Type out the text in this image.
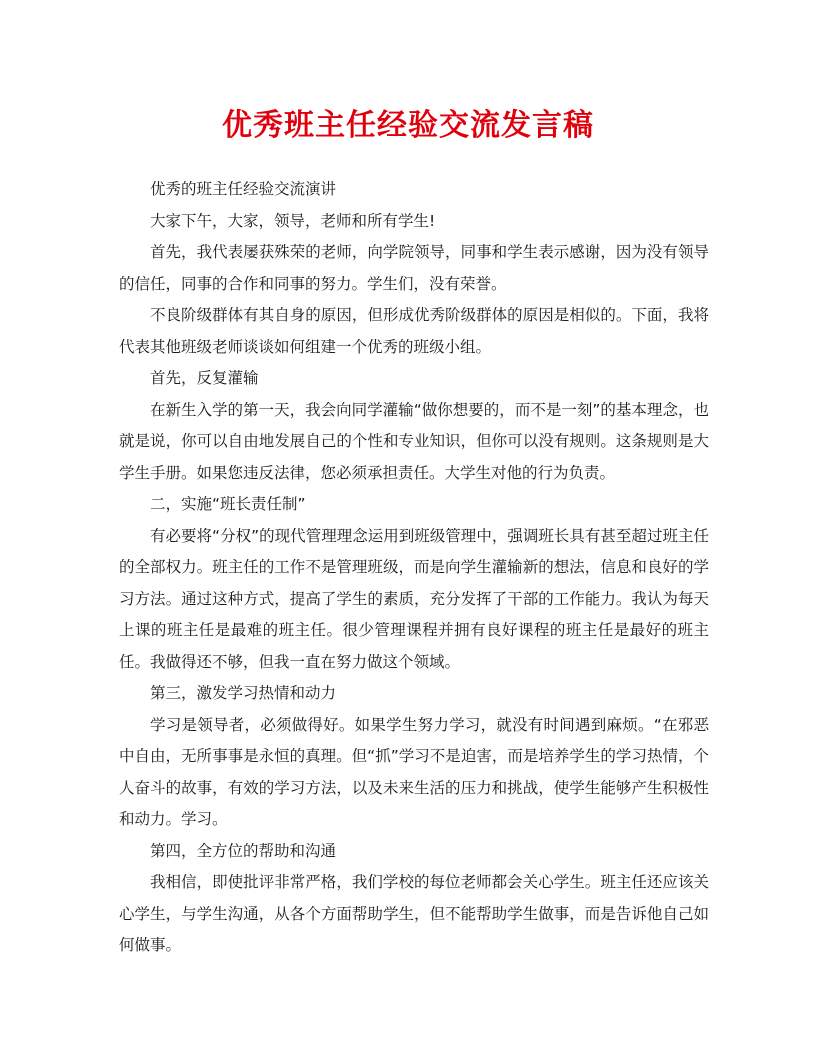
优秀班主任经验交流发言稿

优秀的班主任经验交流演讲

大家下午，大家，领导，老师和所有学生!

首先，我代表屡获殊荣的老师，向学院领导，同事和学生表示感谢，因为没有领导的信任，同事的合作和同事的努力。学生们，没有荣誉。

不良阶级群体有其自身的原因，但形成优秀阶级群体的原因是相似的。下面，我将代表其他班级老师谈谈如何组建一个优秀的班级小组。

首先，反复灌输

在新生入学的第一天，我会向同学灌输“做你想要的，而不是一刻”的基本理念，也就是说，你可以自由地发展自己的个性和专业知识，但你可以没有规则。这条规则是大学生手册。如果您违反法律，您必须承担责任。大学生对他的行为负责。

二，实施“班长责任制”

有必要将“分权”的现代管理理念运用到班级管理中，强调班长具有甚至超过班主任的全部权力。班主任的工作不是管理班级，而是向学生灌输新的想法，信息和良好的学习方法。通过这种方式，提高了学生的素质，充分发挥了干部的工作能力。我认为每天上课的班主任是最难的班主任。很少管理课程并拥有良好课程的班主任是最好的班主任。我做得还不够，但我一直在努力做这个领域。

第三，激发学习热情和动力

学习是领导者，必须做得好。如果学生努力学习，就没有时间遇到麻烦。“在邪恶中自由，无所事事是永恒的真理。但“抓”学习不是迫害，而是培养学生的学习热情，个人奋斗的故事，有效的学习方法，以及未来生活的压力和挑战，使学生能够产生积极性和动力。学习。

第四，全方位的帮助和沟通

我相信，即使批评非常严格，我们学校的每位老师都会关心学生。班主任还应该关心学生，与学生沟通，从各个方面帮助学生，但不能帮助学生做事，而是告诉他自己如何做事。
